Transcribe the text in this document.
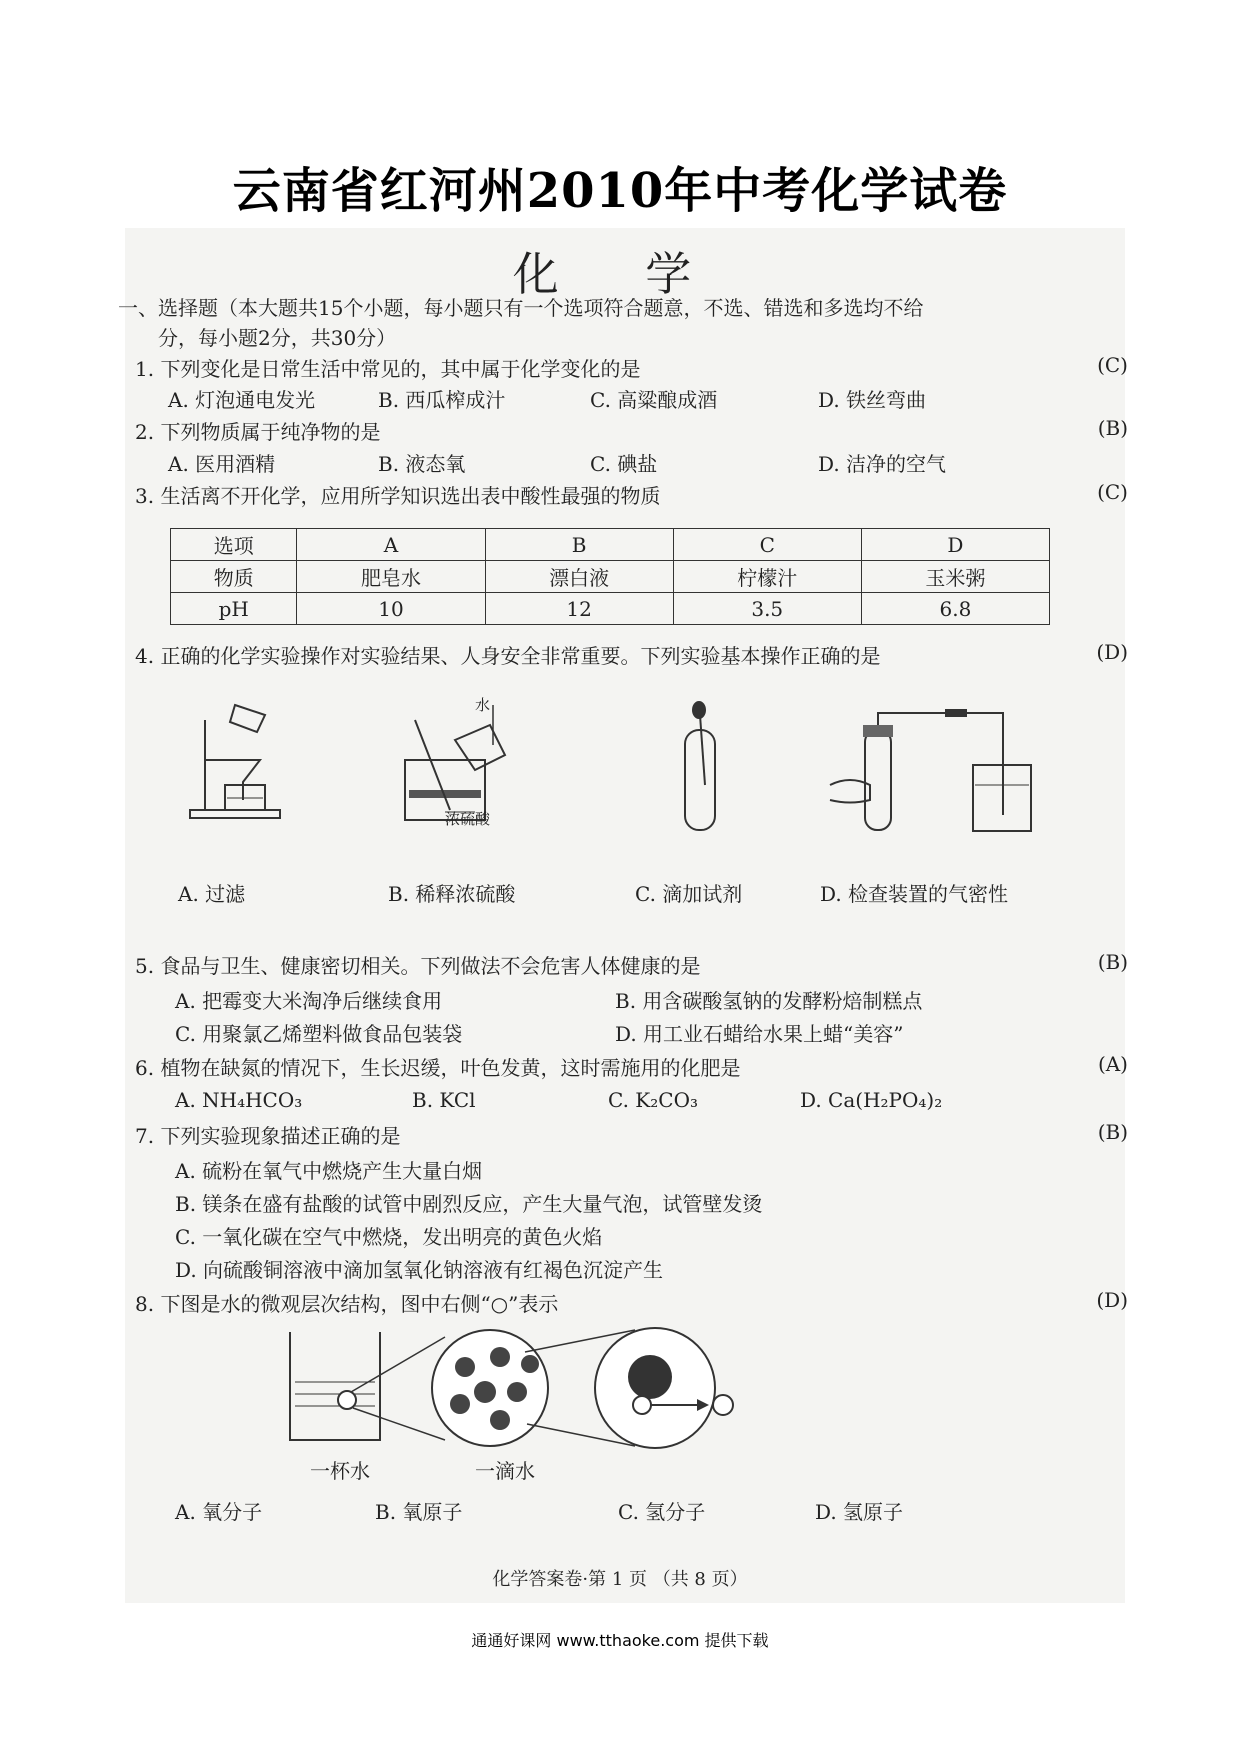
云南省红河州2010年中考化学试卷
化 学
一、选择题（本大题共15个小题，每小题只有一个选项符合题意，不选、错选和多选均不给
分，每小题2分，共30分）
1. 下列变化是日常生活中常见的，其中属于化学变化的是	(C)
A. 灯泡通电发光	B. 西瓜榨成汁	C. 高粱酿成酒	D. 铁丝弯曲
2. 下列物质属于纯净物的是	(B)
A. 医用酒精	B. 液态氧	C. 碘盐	D. 洁净的空气
3. 生活离不开化学，应用所学知识选出表中酸性最强的物质	(C)
选项	A	B	C	D
物质	肥皂水	漂白液	柠檬汁	玉米粥
pH	10	12	3.5	6.8
4. 正确的化学实验操作对实验结果、人身安全非常重要。下列实验基本操作正确的是	(D)
水
浓硫酸
A. 过滤	B. 稀释浓硫酸	C. 滴加试剂	D. 检查装置的气密性
5. 食品与卫生、健康密切相关。下列做法不会危害人体健康的是	(B)
A. 把霉变大米淘净后继续食用	B. 用含碳酸氢钠的发酵粉焙制糕点
C. 用聚氯乙烯塑料做食品包装袋	D. 用工业石蜡给水果上蜡“美容”
6. 植物在缺氮的情况下，生长迟缓，叶色发黄，这时需施用的化肥是	(A)
A. NH₄HCO₃	B. KCl	C. K₂CO₃	D. Ca(H₂PO₄)₂
7. 下列实验现象描述正确的是	(B)
A. 硫粉在氧气中燃烧产生大量白烟
B. 镁条在盛有盐酸的试管中剧烈反应，产生大量气泡，试管壁发烫
C. 一氧化碳在空气中燃烧，发出明亮的黄色火焰
D. 向硫酸铜溶液中滴加氢氧化钠溶液有红褐色沉淀产生
8. 下图是水的微观层次结构，图中右侧“○”表示	(D)
一杯水	一滴水
A. 氧分子	B. 氧原子	C. 氢分子	D. 氢原子
化学答案卷·第 1 页 （共 8 页）
通通好课网 www.tthaoke.com 提供下载
